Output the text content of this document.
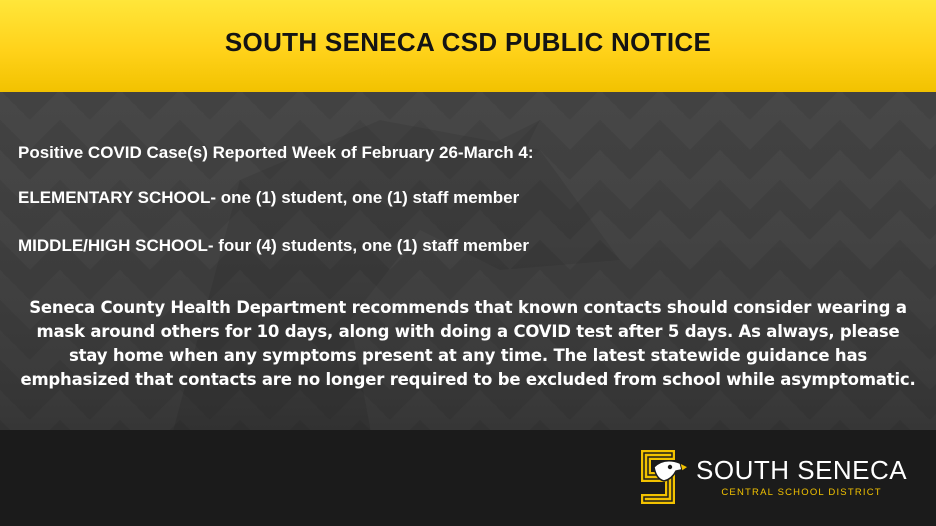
SOUTH SENECA CSD PUBLIC NOTICE
Positive COVID Case(s) Reported Week of February 26-March 4:
ELEMENTARY SCHOOL- one (1) student, one (1) staff member
MIDDLE/HIGH SCHOOL- four (4) students, one (1) staff member
Seneca County Health Department recommends that known contacts should consider wearing a mask around others for 10 days, along with doing a COVID test after 5 days. As always, please stay home when any symptoms present at any time. The latest statewide guidance has emphasized that contacts are no longer required to be excluded from school while asymptomatic.
SOUTH SENECA
CENTRAL SCHOOL DISTRICT
